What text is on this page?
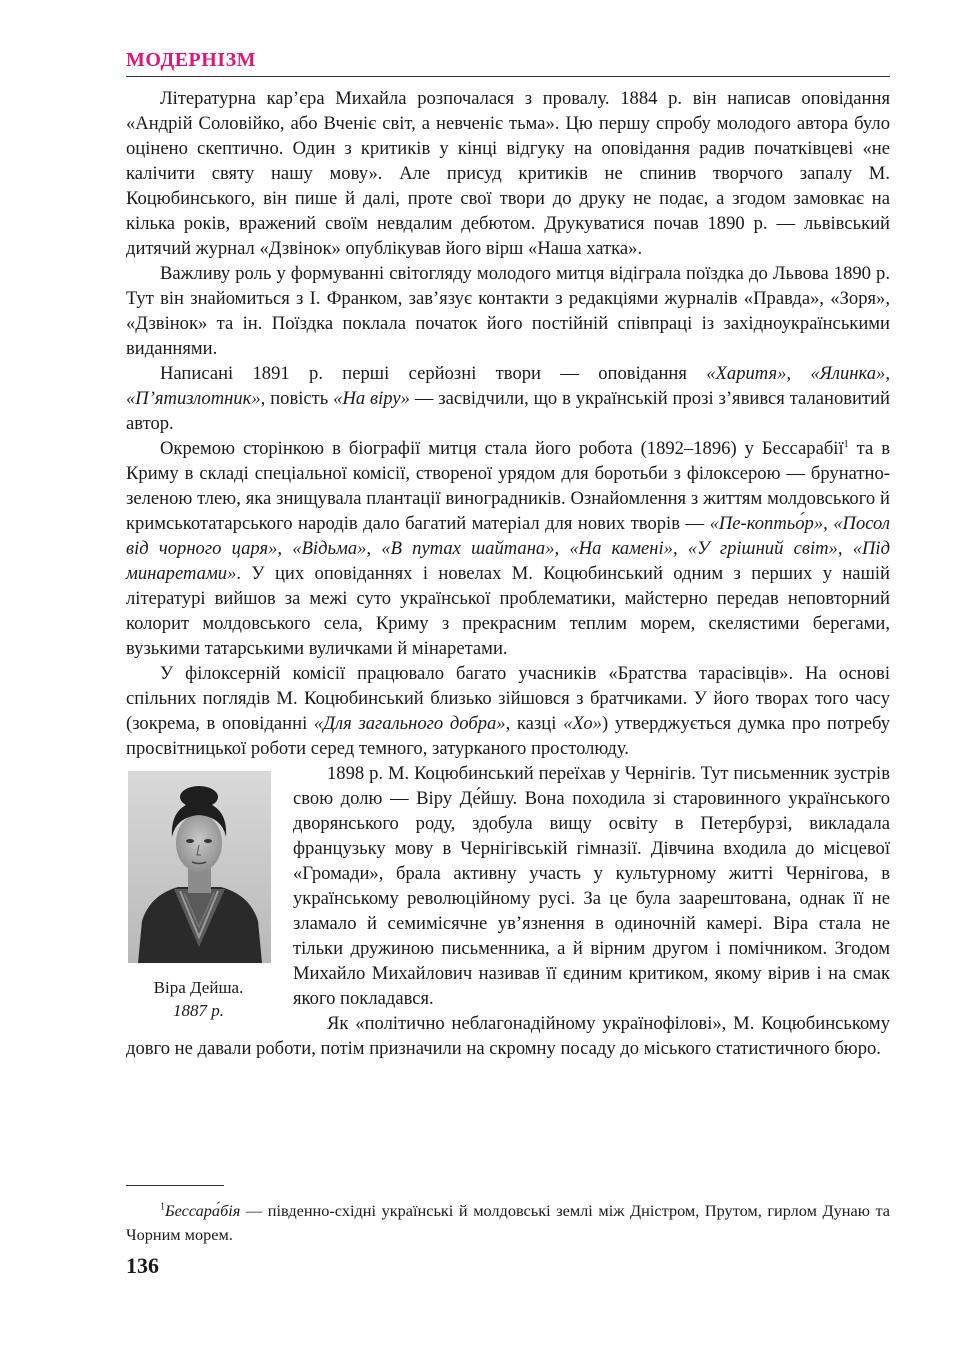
МОДЕРНІЗМ

Літературна кар’єра Михайла розпочалася з провалу. 1884 р. він написав оповідання «Андрій Соловійко, або Вченіє світ, а невченіє тьма». Цю першу спробу молодого автора було оцінено скептично. Один з критиків у кінці відгуку на оповідання радив початківцеві «не калічити святу нашу мову». Але присуд критиків не спинив творчого запалу М. Коцюбинського, він пише й далі, проте свої твори до друку не подає, а згодом замовкає на кілька років, вражений своїм невдалим дебютом. Друкуватися почав 1890 р. — львівський дитячий журнал «Дзвінок» опублікував його вірш «Наша хатка».

Важливу роль у формуванні світогляду молодого митця відіграла поїздка до Львова 1890 р. Тут він знайомиться з І. Франком, зав’язує контакти з редакціями журналів «Правда», «Зоря», «Дзвінок» та ін. Поїздка поклала початок його постійній співпраці із західноукраїнськими виданнями.

Написані 1891 р. перші серйозні твори — оповідання «Харитя», «Ялинка», «П’ятизлотник», повість «На віру» — засвідчили, що в українській прозі з’явився талановитий автор.

Окремою сторінкою в біографії митця стала його робота (1892–1896) у Бессарабії$^1$ та в Криму в складі спеціальної комісії, створеної урядом для боротьби з філоксерою — брунатно-зеленою тлею, яка знищувала плантації виноградників. Ознайомлення з життям молдовського й кримськотатарського народів дало багатий матеріал для нових творів — «Пе-коптьо́р», «Посол від чорного царя», «Відьма», «В путах шайтана», «На камені», «У грішний світ», «Під минаретами». У цих оповіданнях і новелах М. Коцюбинський одним з перших у нашій літературі вийшов за межі суто української проблематики, майстерно передав неповторний колорит молдовського села, Криму з прекрасним теплим морем, скелястими берегами, вузькими татарськими вуличками й мінаретами.

У філоксерній комісії працювало багато учасників «Братства тарасівців». На основі спільних поглядів М. Коцюбинський близько зійшовся з братчиками. У його творах того часу (зокрема, в оповіданні «Для загального добра», казці «Хо») утверджується думка про потребу просвітницької роботи серед темного, затурканого простолюду.

Віра Дейша.
1887 р.

1898 р. М. Коцюбинський переїхав у Чернігів. Тут письменник зустрів свою долю — Віру Де́йшу. Вона походила зі старовинного українського дворянського роду, здобула вищу освіту в Петербурзі, викладала французьку мову в Чернігівській гімназії. Дівчина входила до місцевої «Громади», брала активну участь у культурному житті Чернігова, в українському революційному русі. За це була заарештована, однак її не зламало й семимісячне ув’язнення в одиночній камері. Віра стала не тільки дружиною письменника, а й вірним другом і помічником. Згодом Михайло Михайлович називав її єдиним критиком, якому вірив і на смак якого покладався.

Як «політично неблагонадійному українофілові», М. Коцюбинському довго не давали роботи, потім призначили на скромну посаду до міського статистичного бюро.

$^1$Бессара́бія — південно-східні українські й молдовські землі між Дністром, Прутом, гирлом Дунаю та Чорним морем.
136
